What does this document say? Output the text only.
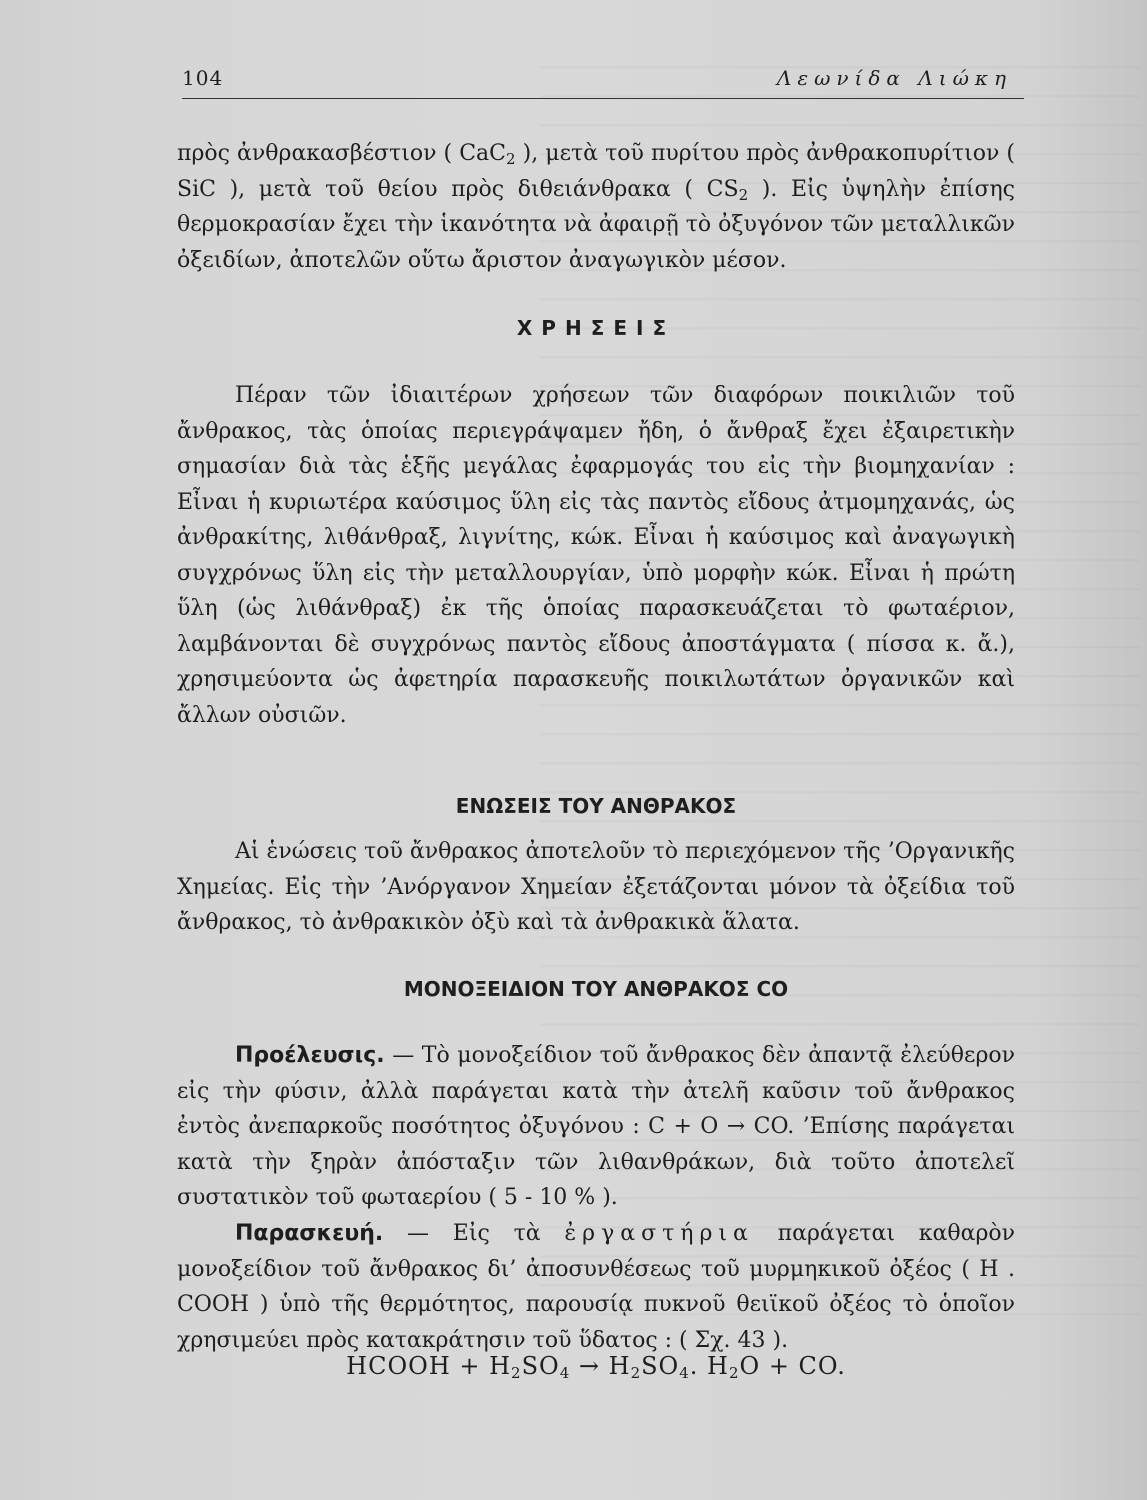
104	Λεωνίδα Λιώκη

πρὸς ἀνθρακασβέστιον ( CaC$_2$ ), μετὰ τοῦ πυρίτου πρὸς ἀνθρακοπυρίτιον ( SiC ), μετὰ τοῦ θείου πρὸς διθειάνθρακα ( $CS_2$ ). Εἰς ὑψηλὴν ἐπίσης θερμοκρασίαν ἔχει τὴν ἱκανότητα νὰ ἀφαιρῇ τὸ ὀξυγόνον τῶν μεταλλικῶν ὀξειδίων, ἀποτελῶν οὕτω ἄριστον ἀναγωγικὸν μέσον.

ΧΡΗΣΕΙΣ

Πέραν τῶν ἰδιαιτέρων χρήσεων τῶν διαφόρων ποικιλιῶν τοῦ ἄνθρακος, τὰς ὁποίας περιεγράψαμεν ἤδη, ὁ ἄνθραξ ἔχει ἐξαιρετικὴν σημασίαν διὰ τὰς ἑξῆς μεγάλας ἐφαρμογάς του εἰς τὴν βιομηχανίαν : Εἶναι ἡ κυριωτέρα καύσιμος ὕλη εἰς τὰς παντὸς εἴδους ἀτμομηχανάς, ὡς ἀνθρακίτης, λιθάνθραξ, λιγνίτης, κώκ. Εἶναι ἡ καύσιμος καὶ ἀναγωγικὴ συγχρόνως ὕλη εἰς τὴν μεταλλουργίαν, ὑπὸ μορφὴν κώκ. Εἶναι ἡ πρώτη ὕλη (ὡς λιθάνθραξ) ἐκ τῆς ὁποίας παρασκευάζεται τὸ φωταέριον, λαμβάνονται δὲ συγχρόνως παντὸς εἴδους ἀποστάγματα ( πίσσα κ. ἄ.), χρησιμεύοντα ὡς ἀφετηρία παρασκευῆς ποικιλωτάτων ὀργανικῶν καὶ ἄλλων οὐσιῶν.

ΕΝΩΣΕΙΣ ΤΟΥ ΑΝΘΡΑΚΟΣ

Αἱ ἑνώσεις τοῦ ἄνθρακος ἀποτελοῦν τὸ περιεχόμενον τῆς ’Οργανικῆς Χημείας. Εἰς τὴν ’Ανόργανον Χημείαν ἐξετάζονται μόνον τὰ ὀξείδια τοῦ ἄνθρακος, τὸ ἀνθρακικὸν ὀξὺ καὶ τὰ ἀνθρακικὰ ἅλατα.

ΜΟΝΟΞΕΙΔΙΟΝ ΤΟΥ ΑΝΘΡΑΚΟΣ CO

Προέλευσις. — Τὸ μονοξείδιον τοῦ ἄνθρακος δὲν ἀπαντᾷ ἐλεύθερον εἰς τὴν φύσιν, ἀλλὰ παράγεται κατὰ τὴν ἀτελῆ καῦσιν τοῦ ἄνθρακος ἐντὸς ἀνεπαρκοῦς ποσότητος ὀξυγόνου : C + O → CO. ’Επίσης παράγεται κατὰ τὴν ξηρὰν ἀπόσταξιν τῶν λιθανθράκων, διὰ τοῦτο ἀποτελεῖ συστατικὸν τοῦ φωταερίου ( 5 - 10 % ).

Παρασκευή. — Εἰς τὰ ἐργαστήρια παράγεται καθαρὸν μονοξείδιον τοῦ ἄνθρακος δι’ ἀποσυνθέσεως τοῦ μυρμηκικοῦ ὀξέος ( H . COOH ) ὑπὸ τῆς θερμότητος, παρουσίᾳ πυκνοῦ θειϊκοῦ ὀξέος τὸ ὁποῖον χρησιμεύει πρὸς κατακράτησιν τοῦ ὕδατος : ( Σχ. 43 ).

HCOOH + $H_2SO_4 \to H_2SO_4$. $H_2O$ + CO.
